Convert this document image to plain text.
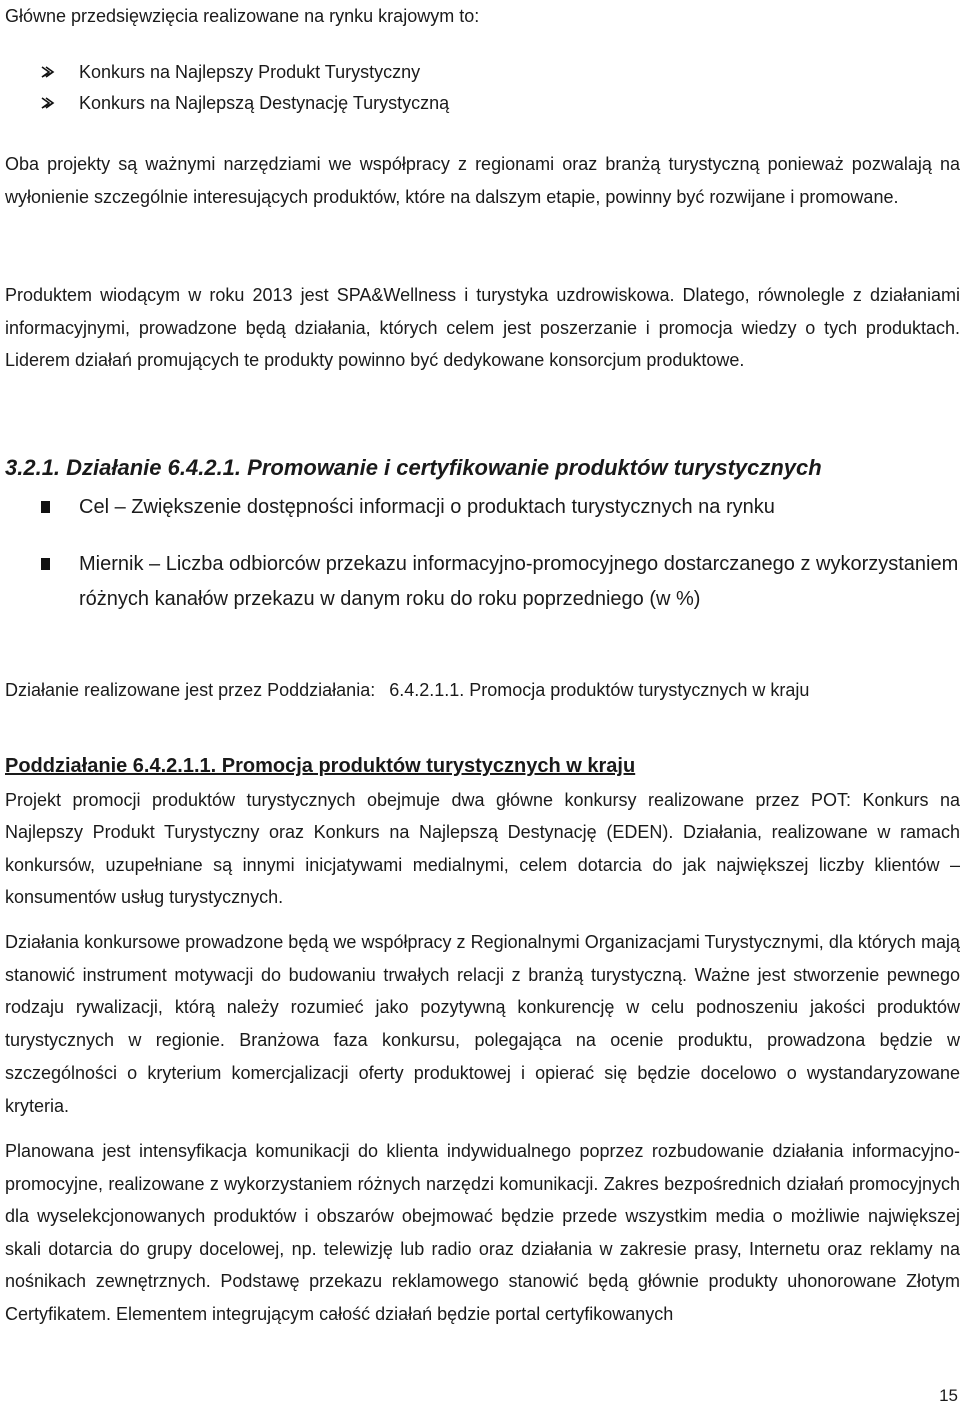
Główne przedsięwzięcia realizowane na rynku krajowym to:

Konkurs na Najlepszy Produkt Turystyczny
Konkurs na Najlepszą Destynację Turystyczną

Oba projekty są ważnymi narzędziami we współpracy z regionami oraz branżą turystyczną ponieważ pozwalają na wyłonienie szczególnie interesujących produktów, które na dalszym etapie, powinny być rozwijane i promowane.

Produktem wiodącym w roku 2013 jest SPA&Wellness i turystyka uzdrowiskowa. Dlatego, równolegle z działaniami informacyjnymi, prowadzone będą działania, których celem jest poszerzanie i promocja wiedzy o tych produktach. Liderem działań promujących te produkty powinno być dedykowane konsorcjum produktowe.

3.2.1. Działanie 6.4.2.1. Promowanie i certyfikowanie produktów turystycznych
Cel – Zwiększenie dostępności informacji o produktach turystycznych na rynku
Miernik – Liczba odbiorców przekazu informacyjno-promocyjnego dostarczanego z wykorzystaniem różnych kanałów przekazu w danym roku do roku poprzedniego (w %)

Działanie realizowane jest przez Poddziałania: 6.4.2.1.1. Promocja produktów turystycznych w kraju

Poddziałanie 6.4.2.1.1. Promocja produktów turystycznych w kraju

Projekt promocji produktów turystycznych obejmuje dwa główne konkursy realizowane przez POT: Konkurs na Najlepszy Produkt Turystyczny oraz Konkurs na Najlepszą Destynację (EDEN). Działania, realizowane w ramach konkursów, uzupełniane są innymi inicjatywami medialnymi, celem dotarcia do jak największej liczby klientów – konsumentów usług turystycznych.

Działania konkursowe prowadzone będą we współpracy z Regionalnymi Organizacjami Turystycznymi, dla których mają stanowić instrument motywacji do budowaniu trwałych relacji z branżą turystyczną. Ważne jest stworzenie pewnego rodzaju rywalizacji, którą należy rozumieć jako pozytywną konkurencję w celu podnoszeniu jakości produktów turystycznych w regionie. Branżowa faza konkursu, polegająca na ocenie produktu, prowadzona będzie w szczególności o kryterium komercjalizacji oferty produktowej i opierać się będzie docelowo o wystandaryzowane kryteria.

Planowana jest intensyfikacja komunikacji do klienta indywidualnego poprzez rozbudowanie działania informacyjno-promocyjne, realizowane z wykorzystaniem różnych narzędzi komunikacji. Zakres bezpośrednich działań promocyjnych dla wyselekcjonowanych produktów i obszarów obejmować będzie przede wszystkim media o możliwie największej skali dotarcia do grupy docelowej, np. telewizję lub radio oraz działania w zakresie prasy, Internetu oraz reklamy na nośnikach zewnętrznych. Podstawę przekazu reklamowego stanowić będą głównie produkty uhonorowane Złotym Certyfikatem. Elementem integrującym całość działań będzie portal certyfikowanych

15
